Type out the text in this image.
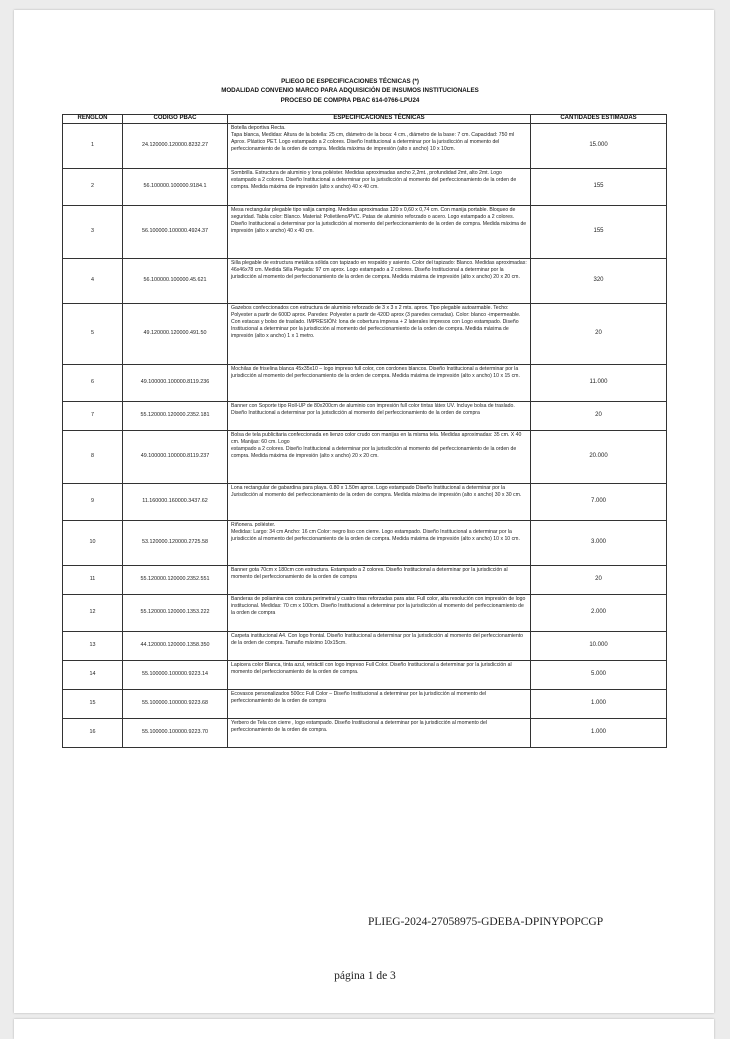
PLIEGO DE ESPECIFICACIONES TÉCNICAS (*)
MODALIDAD CONVENIO MARCO PARA ADQUISICIÓN DE INSUMOS INSTITUCIONALES
PROCESO DE COMPRA PBAC 614-0766-LPU24
RENGLON	CODIGO PBAC	ESPECIFICACIONES TÉCNICAS	CANTIDADES ESTIMADAS
1	24.120000.120000.8232.27	Botella deportiva Recta.
Tapa blanca, Medidas: Altura de la botella: 25 cm, diámetro de la boca: 4 cm., diámetro de la base: 7 cm. Capacidad: 750 ml Aprox. Plástico PET. Logo estampado a 2 colores. Diseño Institucional a determinar por la jurisdicción al momento del perfeccionamiento de la orden de compra. Medida máxima de impresión (alto x ancho) 10 x 10cm.	15.000
2	56.100000.100000.9184.1	Sombrilla. Estructura de aluminio y lona poliéster. Medidas aproximadas ancho 2,2mt., profundidad 2mt, alto 2mt. Logo estampado a 2 colores. Diseño Institucional a determinar por la jurisdicción al momento del perfeccionamiento de la orden de compra. Medida máxima de impresión (alto x ancho) 40 x 40 cm.	155
3	56.100000.100000.4924.37	Mesa rectangular plegable tipo valija camping. Medidas aproximadas 120 x 0,60 x 0,74 cm. Con manija portable. Bloqueo de seguridad. Tabla color: Blanco. Material: Polietileno/PVC. Patas de aluminio reforzado o acero. Logo estampado a 2 colores. Diseño Institucional a determinar por la jurisdicción al momento del perfeccionamiento de la orden de compra. Medida máxima de impresión (alto x ancho) 40 x 40 cm.	155
4	56.100000.100000.45.621	Silla plegable de estructura metálica sólida con tapizado en respaldo y asiento. Color del tapizado: Blanco. Medidas aproximadas: 46x46x78 cm. Medida Silla Plegada: 97 cm aprox. Logo estampado a 2 colores. Diseño Institucional a determinar por la jurisdicción al momento del perfeccionamiento de la orden de compra. Medida máxima de impresión (alto x ancho) 20 x 20 cm.	320
5	49.120000.120000.491.50	Gazebos confeccionados con estructura de aluminio reforzado de 3 x 3 x 2 mts. aprox. Tipo plegable autoarmable. Techo: Polyester a partir de 600D aprox. Paredes: Polyester a partir de 420D aprox (3 paredes cerradas). Color: blanco -impermeable. Con estacas y bolso de traslado. IMPRESIÓN: lona de cobertura impresa + 2 laterales impresos con Logo estampado. Diseño Institucional a determinar por la jurisdicción al momento del perfeccionamiento de la orden de compra. Medida máxima de impresión (alto x ancho) 1 x 1 metro.	20
6	49.100000.100000.8119.236	Mochilas de friselina blanca 45x35x10 – logo impreso full color, con cordones blancos. Diseño Institucional a determinar por la jurisdicción al momento del perfeccionamiento de la orden de compra. Medida máxima de impresión (alto x ancho) 10 x 15 cm.	11.000
7	55.120000.120000.2352.181	Banner con Soporte tipo Roll-UP de 80x200cm de aluminio con impresión full color tintas látex UV. Incluye bolsa de traslado. Diseño Institucional a determinar por la jurisdicción al momento del perfeccionamiento de la orden de compra	20
8	49.100000.100000.8119.237	Bolsa de tela publicitaria confeccionada en lienzo color crudo con manijas en la misma tela. Medidas aproximadas: 35 cm. X 40 cm. Manijas: 60 cm. Logo
estampado a 2 colores. Diseño Institucional a determinar por la jurisdicción al momento del perfeccionamiento de la orden de compra. Medida máxima de impresión (alto x ancho) 20 x 20 cm.	20.000
9	11.160000.160000.3437.62	Lona rectangular de gabardina para playa. 0.80 x 1.50m aprox. Logo estampado Diseño Institucional a determinar por la Jurisdicción al momento del perfeccionamiento de la orden de compra. Medida máxima de impresión (alto x ancho) 30 x 30 cm.	7.000
10	53.120000.120000.2725.58	Riñonera. poliéster.
Medidas: Largo: 34 cm Ancho: 16 cm Color: negro liso con cierre. Logo estampado. Diseño Institucional a determinar por la jurisdicción al momento del perfeccionamiento de la orden de compra. Medida máxima de impresión (alto x ancho) 10 x 10 cm.	3.000
11	55.120000.120000.2352.551	Banner gota 70cm x 180cm con estructura. Estampado a 2 colores. Diseño Institucional a determinar por la jurisdicción al momento del perfeccionamiento de la orden de compra	20
12	55.120000.120000.1353.222	Banderas de poliamina con costura perimetral y cuatro tiras reforzadas para atar. Full color, alta resolución con impresión de logo institucional. Medidas: 70 cm x 100cm. Diseño Institucional a determinar por la jurisdicción al momento del perfeccionamiento de la orden de compra	2.000
13	44.120000.120000.1358.350	Carpeta institucional A4. Con logo frontal. Diseño Institucional a determinar por la jurisdicción al momento del perfeccionamiento de la orden de compra. Tamaño máximo 10x15cm.	10.000
14	55.100000.100000.9223.14	Lapicera color Blanca, tinta azul, retráctil con logo impreso Full Color. Diseño Institucional a determinar por la jurisdicción al momento del perfeccionamiento de la orden de compra.	5.000
15	55.100000.100000.9223.68	Ecovasos personalizados 500cc Full Color – Diseño Institucional a determinar por la jurisdicción al momento del perfeccionamiento de la orden de compra	1.000
16	55.100000.100000.9223.70	Yerbero de Tela con cierre , logo estampado. Diseño Institucional a determinar por la jurisdicción al momento del perfeccionamiento de la orden de compra.	1.000
PLIEG-2024-27058975-GDEBA-DPINYPOPCGP
página 1 de 3
